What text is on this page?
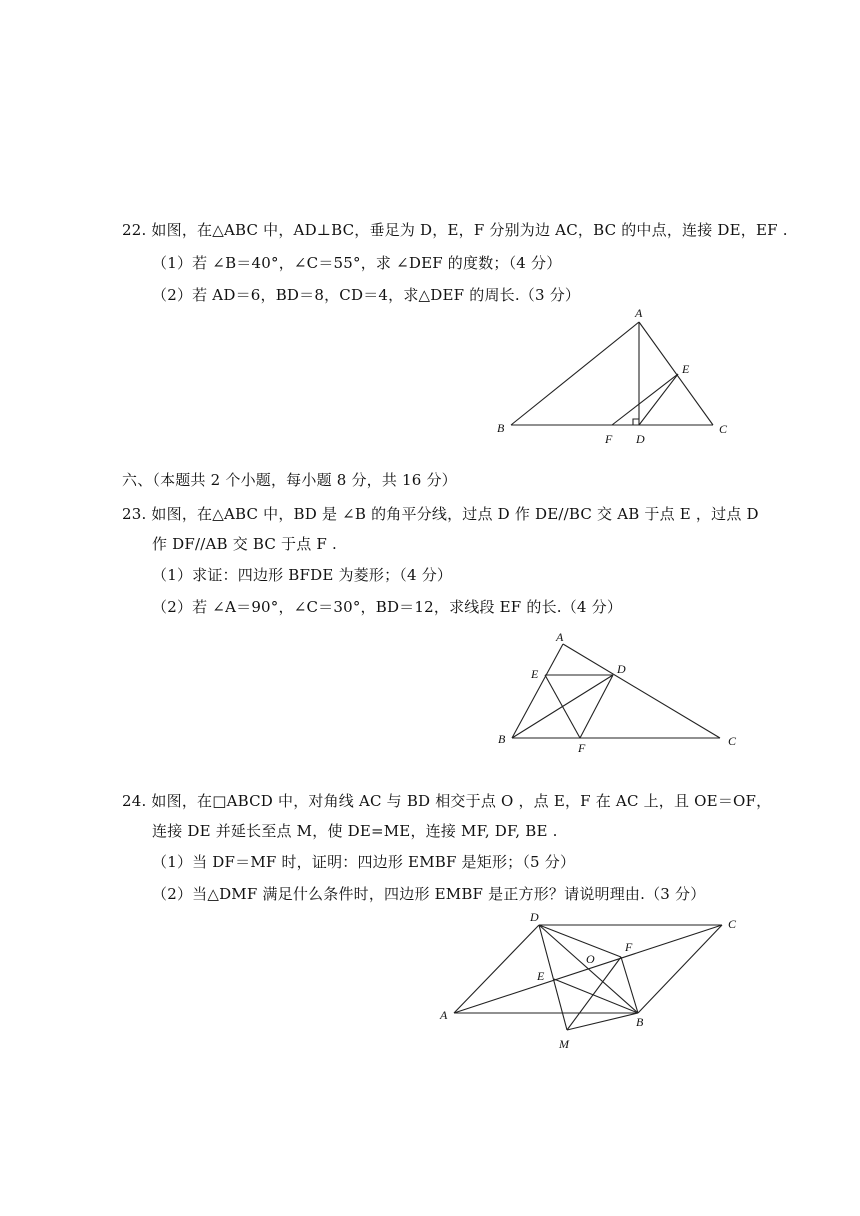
22. 如图，在△ABC 中，AD⊥BC，垂足为 D，E，F 分别为边 AC，BC 的中点，连接 DE，EF .
（1）若 ∠B＝40°，∠C＝55°，求 ∠DEF 的度数；（4 分）
（2）若 AD＝6，BD＝8，CD＝4，求△DEF 的周长.（3 分）
A
B	C
D
E
F
六、（本题共 2 个小题，每小题 8 分，共 16 分）
23. 如图，在△ABC 中，BD 是 ∠B 的角平分线，过点 D 作 DE//BC 交 AB 于点 E ，过点 D
作 DF//AB 交 BC 于点 F .
（1）求证：四边形 BFDE 为菱形；（4 分）
（2）若 ∠A＝90°，∠C＝30°，BD＝12，求线段 EF 的长.（4 分）
A
B	C
D
E
F
24. 如图，在□ABCD 中，对角线 AC 与 BD 相交于点 O ，点 E，F 在 AC 上，且 OE＝OF，
连接 DE 并延长至点 M，使 DE=ME，连接 MF, DF, BE .
（1）当 DF＝MF 时，证明：四边形 EMBF 是矩形；（5 分）
（2）当△DMF 满足什么条件时，四边形 EMBF 是正方形？请说明理由.（3 分）
A	B
C
D
E
F
O
M
